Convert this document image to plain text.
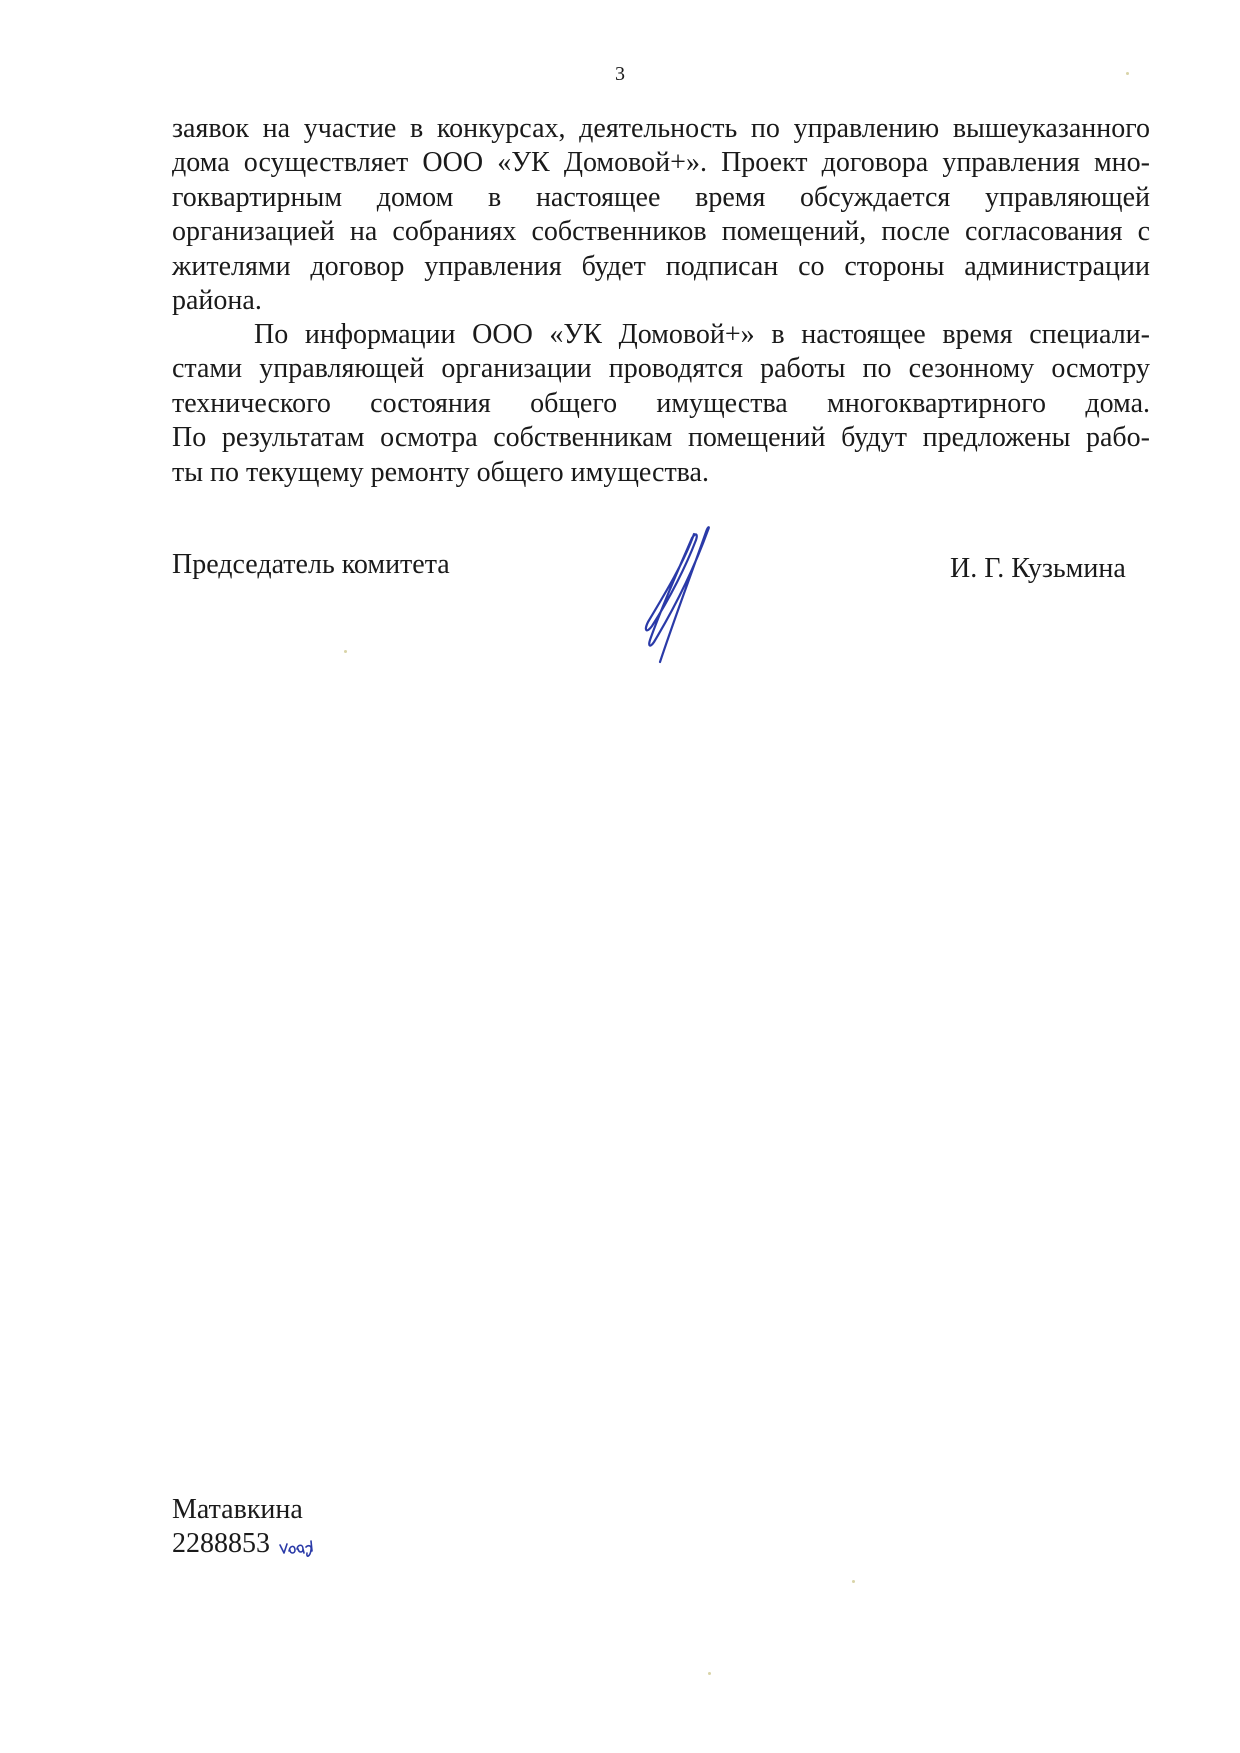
3
заявок на участие в конкурсах, деятельность по управлению вышеуказанного
дома осуществляет ООО «УК Домовой+». Проект договора управления мно-
гоквартирным домом в настоящее время обсуждается управляющей
организацией на собраниях собственников помещений, после согласования с
жителями договор управления будет подписан со стороны администрации
района.
По информации ООО «УК Домовой+» в настоящее время специали-
стами управляющей организации проводятся работы по сезонному осмотру
технического состояния общего имущества многоквартирного дома.
По результатам осмотра собственникам помещений будут предложены рабо-
ты по текущему ремонту общего имущества.
Председатель комитета	И. Г. Кузьмина
Матавкина
2288853
